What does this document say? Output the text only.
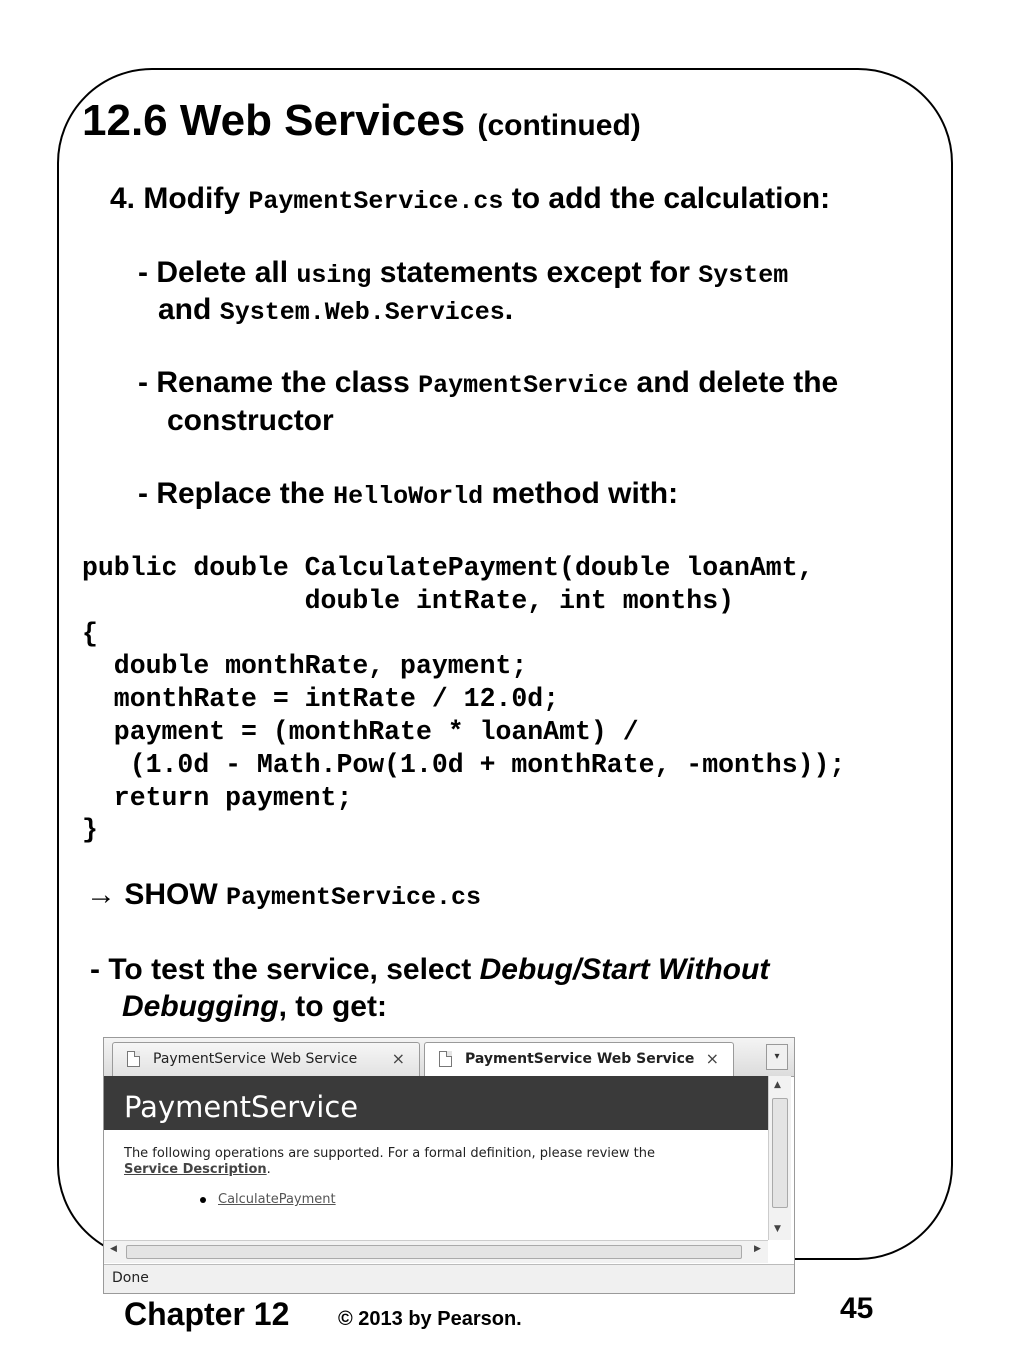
12.6 Web Services (continued)
4. Modify PaymentService.cs to add the calculation:
- Delete all using statements except for System
and System.Web.Services.
- Rename the class PaymentService and delete the
constructor
- Replace the HelloWorld method with:
public double CalculatePayment(double loanAmt,
double intRate, int months)
{
double monthRate, payment;
monthRate = intRate / 12.0d;
payment = (monthRate * loanAmt) /
(1.0d - Math.Pow(1.0d + monthRate, -months));
return payment;
}
→ SHOW PaymentService.cs
- To test the service, select Debug/Start Without
Debugging, to get:
PaymentService Web Service ×	PaymentService Web Service ×	▾
PaymentService
The following operations are supported. For a formal definition, please review the
Service Description.
CalculatePayment
▲
▼
◀	▶
Done
Chapter 12 © 2013 by Pearson.	45
